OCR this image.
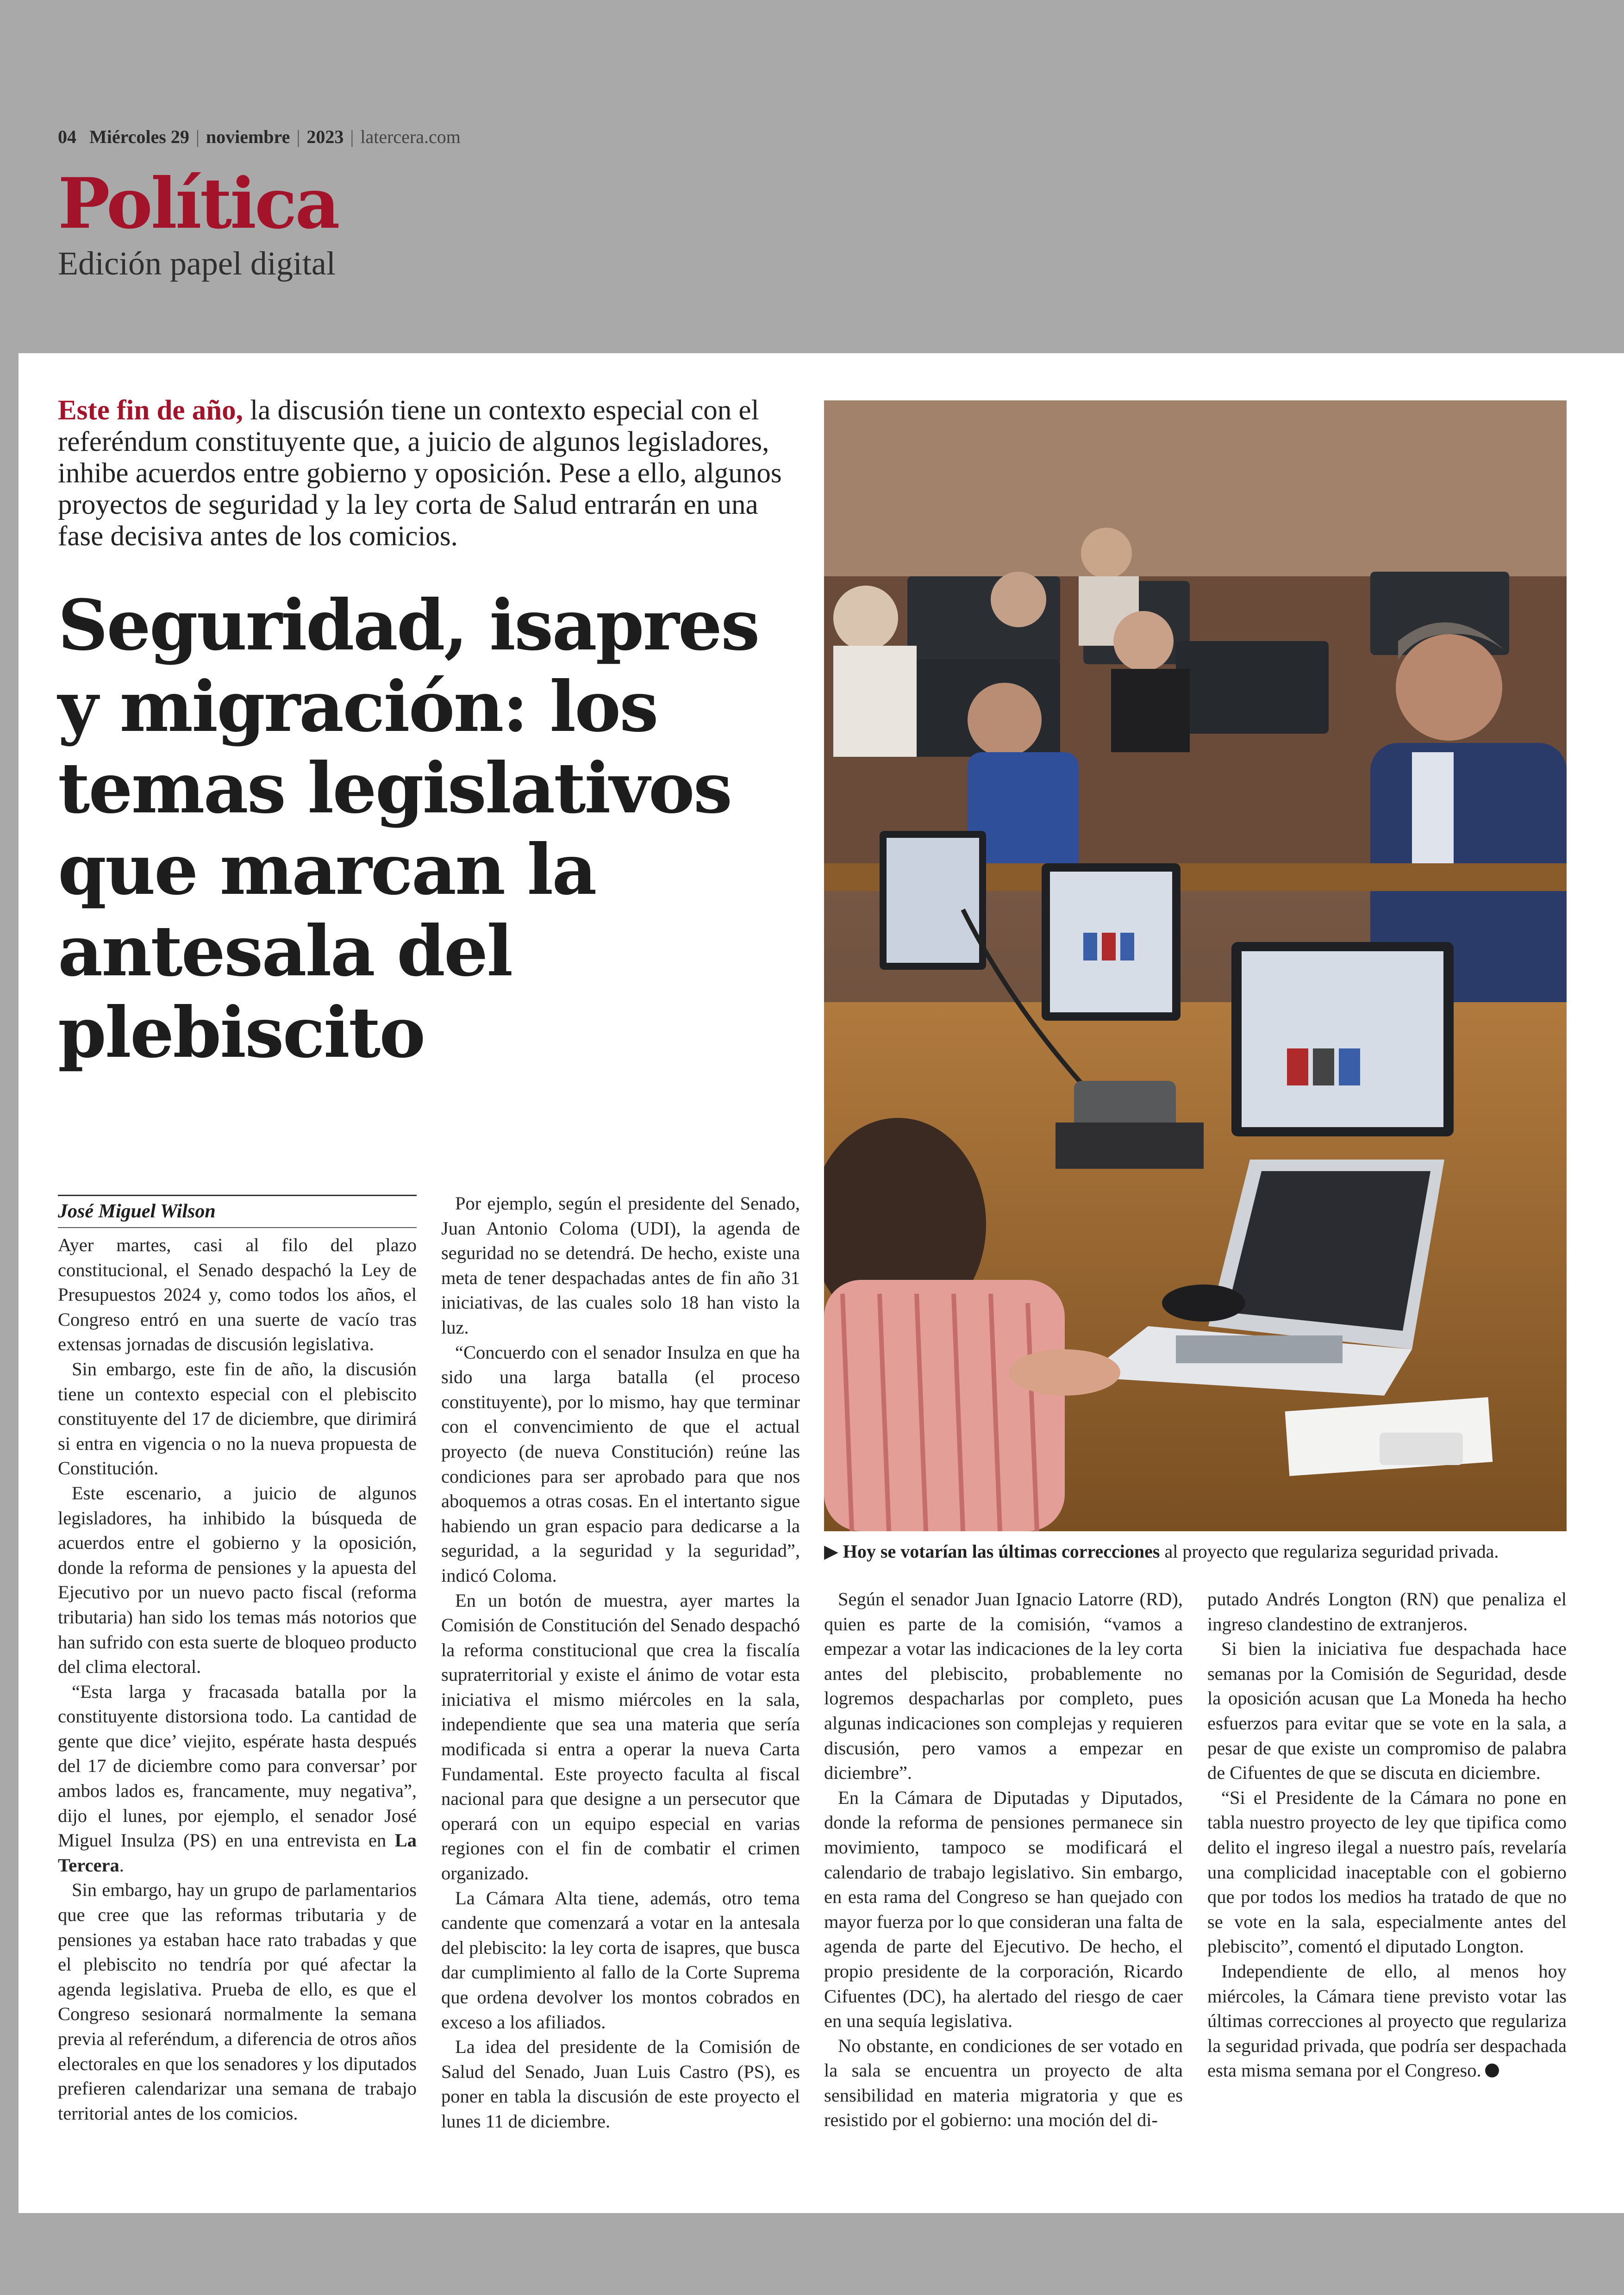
04 Miércoles 29 | noviembre | 2023 | latercera.com
Política
Edición papel digital
Este fin de año, la discusión tiene un contexto especial con el referéndum constituyente que, a juicio de algunos legisladores, inhibe acuerdos entre gobierno y oposición. Pese a ello, algunos proyectos de seguridad y la ley corta de Salud entrarán en una fase decisiva antes de los comicios.
Seguridad, isapres y migración: los temas legislativos que marcan la antesala del plebiscito
▶ Hoy se votarían las últimas correcciones al proyecto que regulariza seguridad privada.
José Miguel Wilson

Ayer martes, casi al filo del plazo constitucional, el Senado despachó la Ley de Presupuestos 2024 y, como todos los años, el Congreso entró en una suerte de vacío tras extensas jornadas de discusión legislativa.

Sin embargo, este fin de año, la discusión tiene un contexto especial con el plebiscito constituyente del 17 de diciembre, que dirimirá si entra en vigencia o no la nueva propuesta de Constitución.

Este escenario, a juicio de algunos legisladores, ha inhibido la búsqueda de acuerdos entre el gobierno y la oposición, donde la reforma de pensiones y la apuesta del Ejecutivo por un nuevo pacto fiscal (reforma tributaria) han sido los temas más notorios que han sufrido con esta suerte de bloqueo producto del clima electoral.

“Esta larga y fracasada batalla por la constituyente distorsiona todo. La cantidad de gente que dice’ viejito, espérate hasta después del 17 de diciembre como para conversar’ por ambos lados es, francamente, muy negativa”, dijo el lunes, por ejemplo, el senador José Miguel Insulza (PS) en una entrevista en La Tercera.

Sin embargo, hay un grupo de parlamentarios que cree que las reformas tributaria y de pensiones ya estaban hace rato trabadas y que el plebiscito no tendría por qué afectar la agenda legislativa. Prueba de ello, es que el Congreso sesionará normalmente la semana previa al referéndum, a diferencia de otros años electorales en que los senadores y los diputados prefieren calendarizar una semana de trabajo territorial antes de los comicios.

Por ejemplo, según el presidente del Senado, Juan Antonio Coloma (UDI), la agenda de seguridad no se detendrá. De hecho, existe una meta de tener despachadas antes de fin año 31 iniciativas, de las cuales solo 18 han visto la luz.

“Concuerdo con el senador Insulza en que ha sido una larga batalla (el proceso constituyente), por lo mismo, hay que terminar con el convencimiento de que el actual proyecto (de nueva Constitución) reúne las condiciones para ser aprobado para que nos aboquemos a otras cosas. En el intertanto sigue habiendo un gran espacio para dedicarse a la seguridad, a la seguridad y la seguridad”, indicó Coloma.

En un botón de muestra, ayer martes la Comisión de Constitución del Senado despachó la reforma constitucional que crea la fiscalía supraterritorial y existe el ánimo de votar esta iniciativa el mismo miércoles en la sala, independiente que sea una materia que sería modificada si entra a operar la nueva Carta Fundamental. Este proyecto faculta al fiscal nacional para que designe a un persecutor que operará con un equipo especial en varias regiones con el fin de combatir el crimen organizado.

La Cámara Alta tiene, además, otro tema candente que comenzará a votar en la antesala del plebiscito: la ley corta de isapres, que busca dar cumplimiento al fallo de la Corte Suprema que ordena devolver los montos cobrados en exceso a los afiliados.

La idea del presidente de la Comisión de Salud del Senado, Juan Luis Castro (PS), es poner en tabla la discusión de este proyecto el lunes 11 de diciembre.

Según el senador Juan Ignacio Latorre (RD), quien es parte de la comisión, “vamos a empezar a votar las indicaciones de la ley corta antes del plebiscito, probablemente no logremos despacharlas por completo, pues algunas indicaciones son complejas y requieren discusión, pero vamos a empezar en diciembre”.

En la Cámara de Diputadas y Diputados, donde la reforma de pensiones permanece sin movimiento, tampoco se modificará el calendario de trabajo legislativo. Sin embargo, en esta rama del Congreso se han quejado con mayor fuerza por lo que consideran una falta de agenda de parte del Ejecutivo. De hecho, el propio presidente de la corporación, Ricardo Cifuentes (DC), ha alertado del riesgo de caer en una sequía legislativa.

No obstante, en condiciones de ser votado en la sala se encuentra un proyecto de alta sensibilidad en materia migratoria y que es resistido por el gobierno: una moción del di-

putado Andrés Longton (RN) que penaliza el ingreso clandestino de extranjeros.

Si bien la iniciativa fue despachada hace semanas por la Comisión de Seguridad, desde la oposición acusan que La Moneda ha hecho esfuerzos para evitar que se vote en la sala, a pesar de que existe un compromiso de palabra de Cifuentes de que se discuta en diciembre.

“Si el Presidente de la Cámara no pone en tabla nuestro proyecto de ley que tipifica como delito el ingreso ilegal a nuestro país, revelaría una complicidad inaceptable con el gobierno que por todos los medios ha tratado de que no se vote en la sala, especialmente antes del plebiscito”, comentó el diputado Longton.

Independiente de ello, al menos hoy miércoles, la Cámara tiene previsto votar las últimas correcciones al proyecto que regulariza la seguridad privada, que podría ser despachada esta misma semana por el Congreso.
